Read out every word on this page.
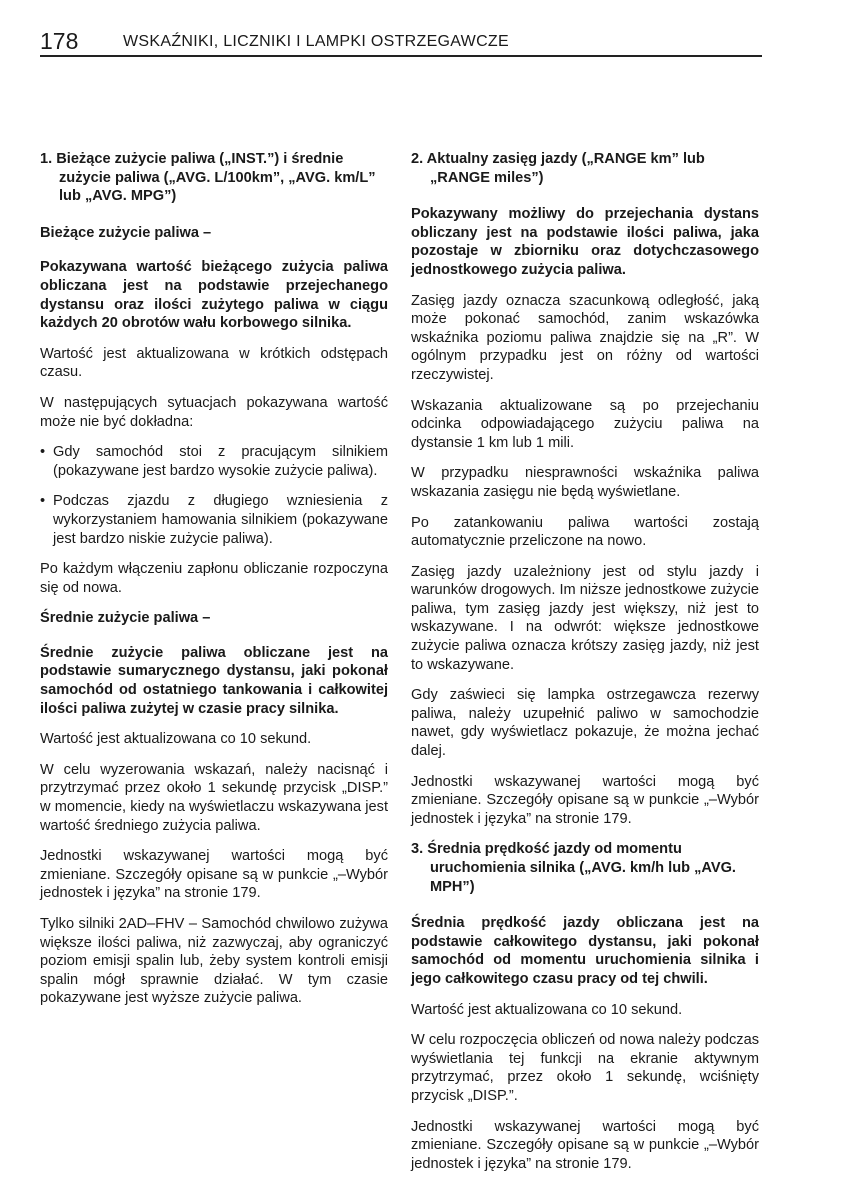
178	WSKAŹNIKI, LICZNIKI I LAMPKI OSTRZEGAWCZE

1. Bieżące zużycie paliwa („INST.”) i średnie zużycie paliwa („AVG. L/100km”, „AVG. km/L” lub „AVG. MPG”)

Bieżące zużycie paliwa –

Pokazywana wartość bieżącego zużycia paliwa obliczana jest na podstawie przejechanego dystansu oraz ilości zużytego paliwa w ciągu każdych 20 obrotów wału korbowego silnika.

Wartość jest aktualizowana w krótkich odstępach czasu.

W następujących sytuacjach pokazywana wartość może nie być dokładna:

• Gdy samochód stoi z pracującym silnikiem (pokazywane jest bardzo wysokie zużycie paliwa).
• Podczas zjazdu z długiego wzniesienia z wykorzystaniem hamowania silnikiem (pokazywane jest bardzo niskie zużycie paliwa).

Po każdym włączeniu zapłonu obliczanie rozpoczyna się od nowa.

Średnie zużycie paliwa –

Średnie zużycie paliwa obliczane jest na podstawie sumarycznego dystansu, jaki pokonał samochód od ostatniego tankowania i całkowitej ilości paliwa zużytej w czasie pracy silnika.

Wartość jest aktualizowana co 10 sekund.

W celu wyzerowania wskazań, należy nacisnąć i przytrzymać przez około 1 sekundę przycisk „DISP.” w momencie, kiedy na wyświetlaczu wskazywana jest wartość średniego zużycia paliwa.

Jednostki wskazywanej wartości mogą być zmieniane. Szczegóły opisane są w punkcie „–Wybór jednostek i języka” na stronie 179.

Tylko silniki 2AD–FHV – Samochód chwilowo zużywa większe ilości paliwa, niż zazwyczaj, aby ograniczyć poziom emisji spalin lub, żeby system kontroli emisji spalin mógł sprawnie działać. W tym czasie pokazywane jest wyższe zużycie paliwa.

2. Aktualny zasięg jazdy („RANGE km” lub „RANGE miles”)

Pokazywany możliwy do przejechania dystans obliczany jest na podstawie ilości paliwa, jaka pozostaje w zbiorniku oraz dotychczasowego jednostkowego zużycia paliwa.

Zasięg jazdy oznacza szacunkową odległość, jaką może pokonać samochód, zanim wskazówka wskaźnika poziomu paliwa znajdzie się na „R”. W ogólnym przypadku jest on różny od wartości rzeczywistej.

Wskazania aktualizowane są po przejechaniu odcinka odpowiadającego zużyciu paliwa na dystansie 1 km lub 1 mili.

W przypadku niesprawności wskaźnika paliwa wskazania zasięgu nie będą wyświetlane.

Po zatankowaniu paliwa wartości zostają automatycznie przeliczone na nowo.

Zasięg jazdy uzależniony jest od stylu jazdy i warunków drogowych. Im niższe jednostkowe zużycie paliwa, tym zasięg jazdy jest większy, niż jest to wskazywane. I na odwrót: większe jednostkowe zużycie paliwa oznacza krótszy zasięg jazdy, niż jest to wskazywane.

Gdy zaświeci się lampka ostrzegawcza rezerwy paliwa, należy uzupełnić paliwo w samochodzie nawet, gdy wyświetlacz pokazuje, że można jechać dalej.

Jednostki wskazywanej wartości mogą być zmieniane. Szczegóły opisane są w punkcie „–Wybór jednostek i języka” na stronie 179.

3. Średnia prędkość jazdy od momentu uruchomienia silnika („AVG. km/h lub „AVG. MPH”)

Średnia prędkość jazdy obliczana jest na podstawie całkowitego dystansu, jaki pokonał samochód od momentu uruchomienia silnika i jego całkowitego czasu pracy od tej chwili.

Wartość jest aktualizowana co 10 sekund.

W celu rozpoczęcia obliczeń od nowa należy podczas wyświetlania tej funkcji na ekranie aktywnym przytrzymać, przez około 1 sekundę, wciśnięty przycisk „DISP.”.

Jednostki wskazywanej wartości mogą być zmieniane. Szczegóły opisane są w punkcie „–Wybór jednostek i języka” na stronie 179.
